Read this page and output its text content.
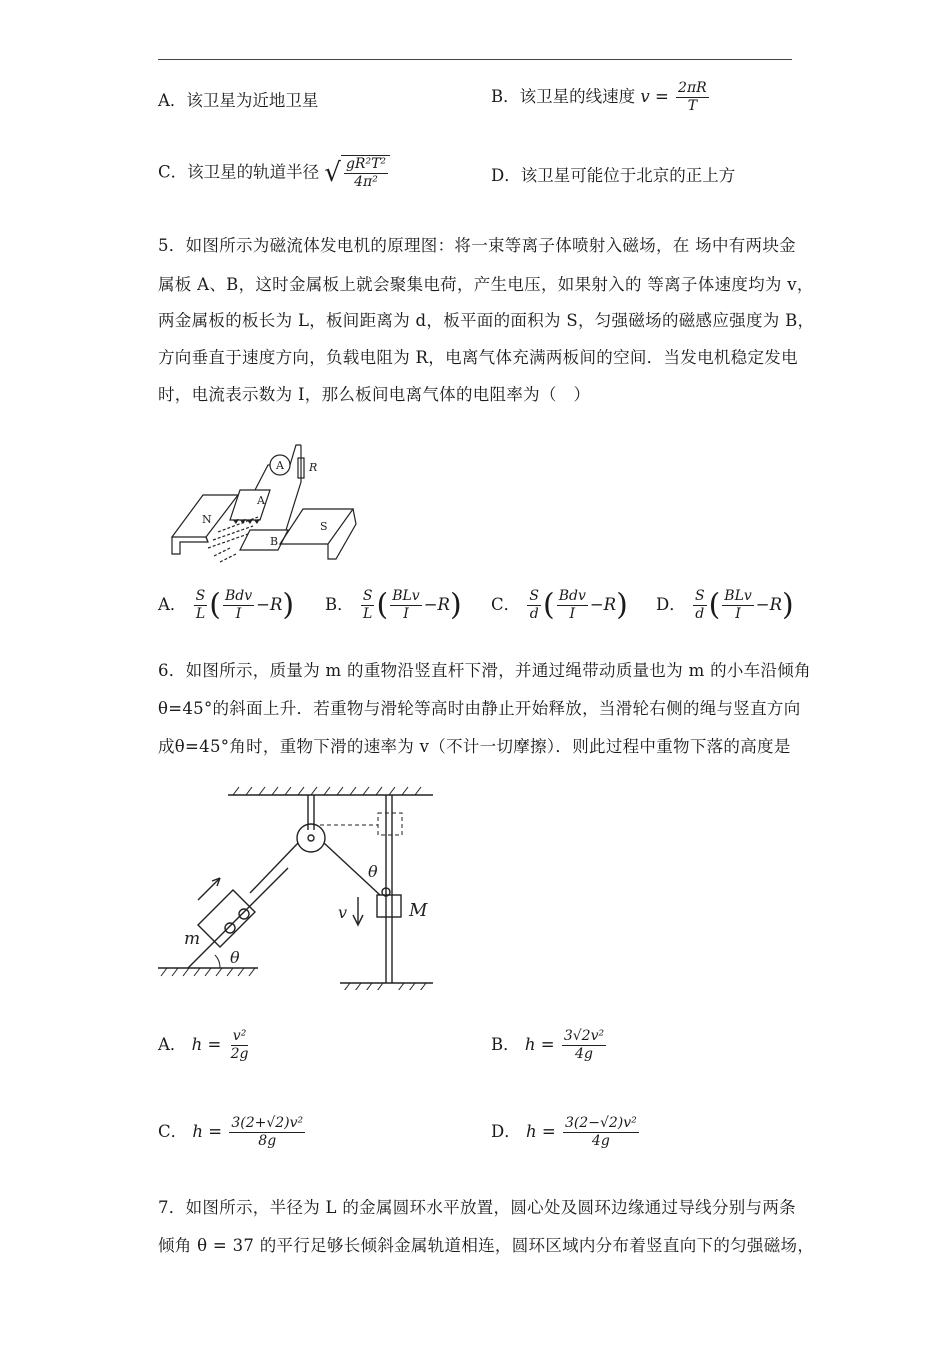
A．该卫星为近地卫星	B．该卫星的线速度 $v = \frac{2\pi R}{T}$
C．该卫星的轨道半径 √ $\frac{\text{gR²T²}}{\text{4π²}}$	D．该卫星可能位于北京的正上方
5．如图所示为磁流体发电机的原理图：将一束等离子体喷射入磁场，在 场中有两块金
属板 A、B，这时金属板上就会聚集电荷，产生电压，如果射入的 等离子体速度均为 v，
两金属板的板长为 L，板间距离为 d，板平面的面积为 S，匀强磁场的磁感应强度为 B，
方向垂直于速度方向，负载电阻为 R，电离气体充满两板间的空间．当发电机稳定发电
时，电流表示数为 I，那么板间电离气体的电阻率为（　）
A R
A
B
N
S
A． $\frac{S}{L}$ ( $\frac{\text{Bdv}}{I} -R$) B． $\frac{S}{L}$ ( $\frac{\text{BLv}}{I} -R$) C． $\frac{S}{d}$ ( $\frac{\text{Bdv}}{I} -R$) D． $\frac{S}{d}$ ( $\frac{\text{BLv}}{I} -R$)
6．如图所示，质量为 m 的重物沿竖直杆下滑，并通过绳带动质量也为 m 的小车沿倾角
θ=45°的斜面上升．若重物与滑轮等高时由静止开始释放，当滑轮右侧的绳与竖直方向
成θ=45°角时，重物下滑的速率为 v（不计一切摩擦）．则此过程中重物下落的高度是
m
θ
θ
v	M
A． $h = \frac{\text{v²}}{2g}$	B． $h = \frac{\text{3√2v²}}{4g}$
C． $h = \frac{\text{3(2+√2)v²}}{8g}$	D． $h = \frac{\text{3(2−√2)v²}}{4g}$
7．如图所示，半径为 L 的金属圆环水平放置，圆心处及圆环边缘通过导线分别与两条
倾角 θ = 37 的平行足够长倾斜金属轨道相连，圆环区域内分布着竖直向下的匀强磁场，
